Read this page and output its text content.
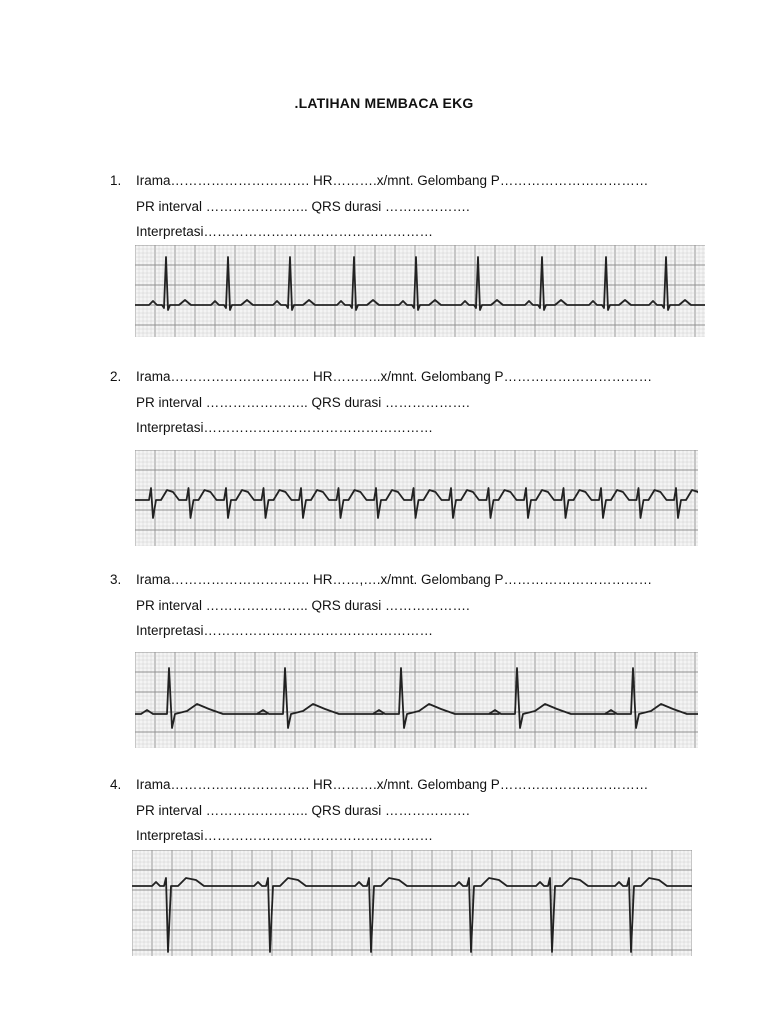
.LATIHAN MEMBACA EKG
1.	Irama…………………………. HR……….x/mnt. Gelombang P……………………………
PR interval ………………….. QRS durasi ……………….
Interpretasi……………………………………………
2.	Irama…………………………. HR………..x/mnt. Gelombang P……………………………
PR interval ………………….. QRS durasi ……………….
Interpretasi……………………………………………
3.	Irama…………………………. HR……,….x/mnt. Gelombang P……………………………
PR interval ………………….. QRS durasi ……………….
Interpretasi……………………………………………
4.	Irama…………………………. HR……….x/mnt. Gelombang P……………………………
PR interval ………………….. QRS durasi ……………….
Interpretasi……………………………………………
